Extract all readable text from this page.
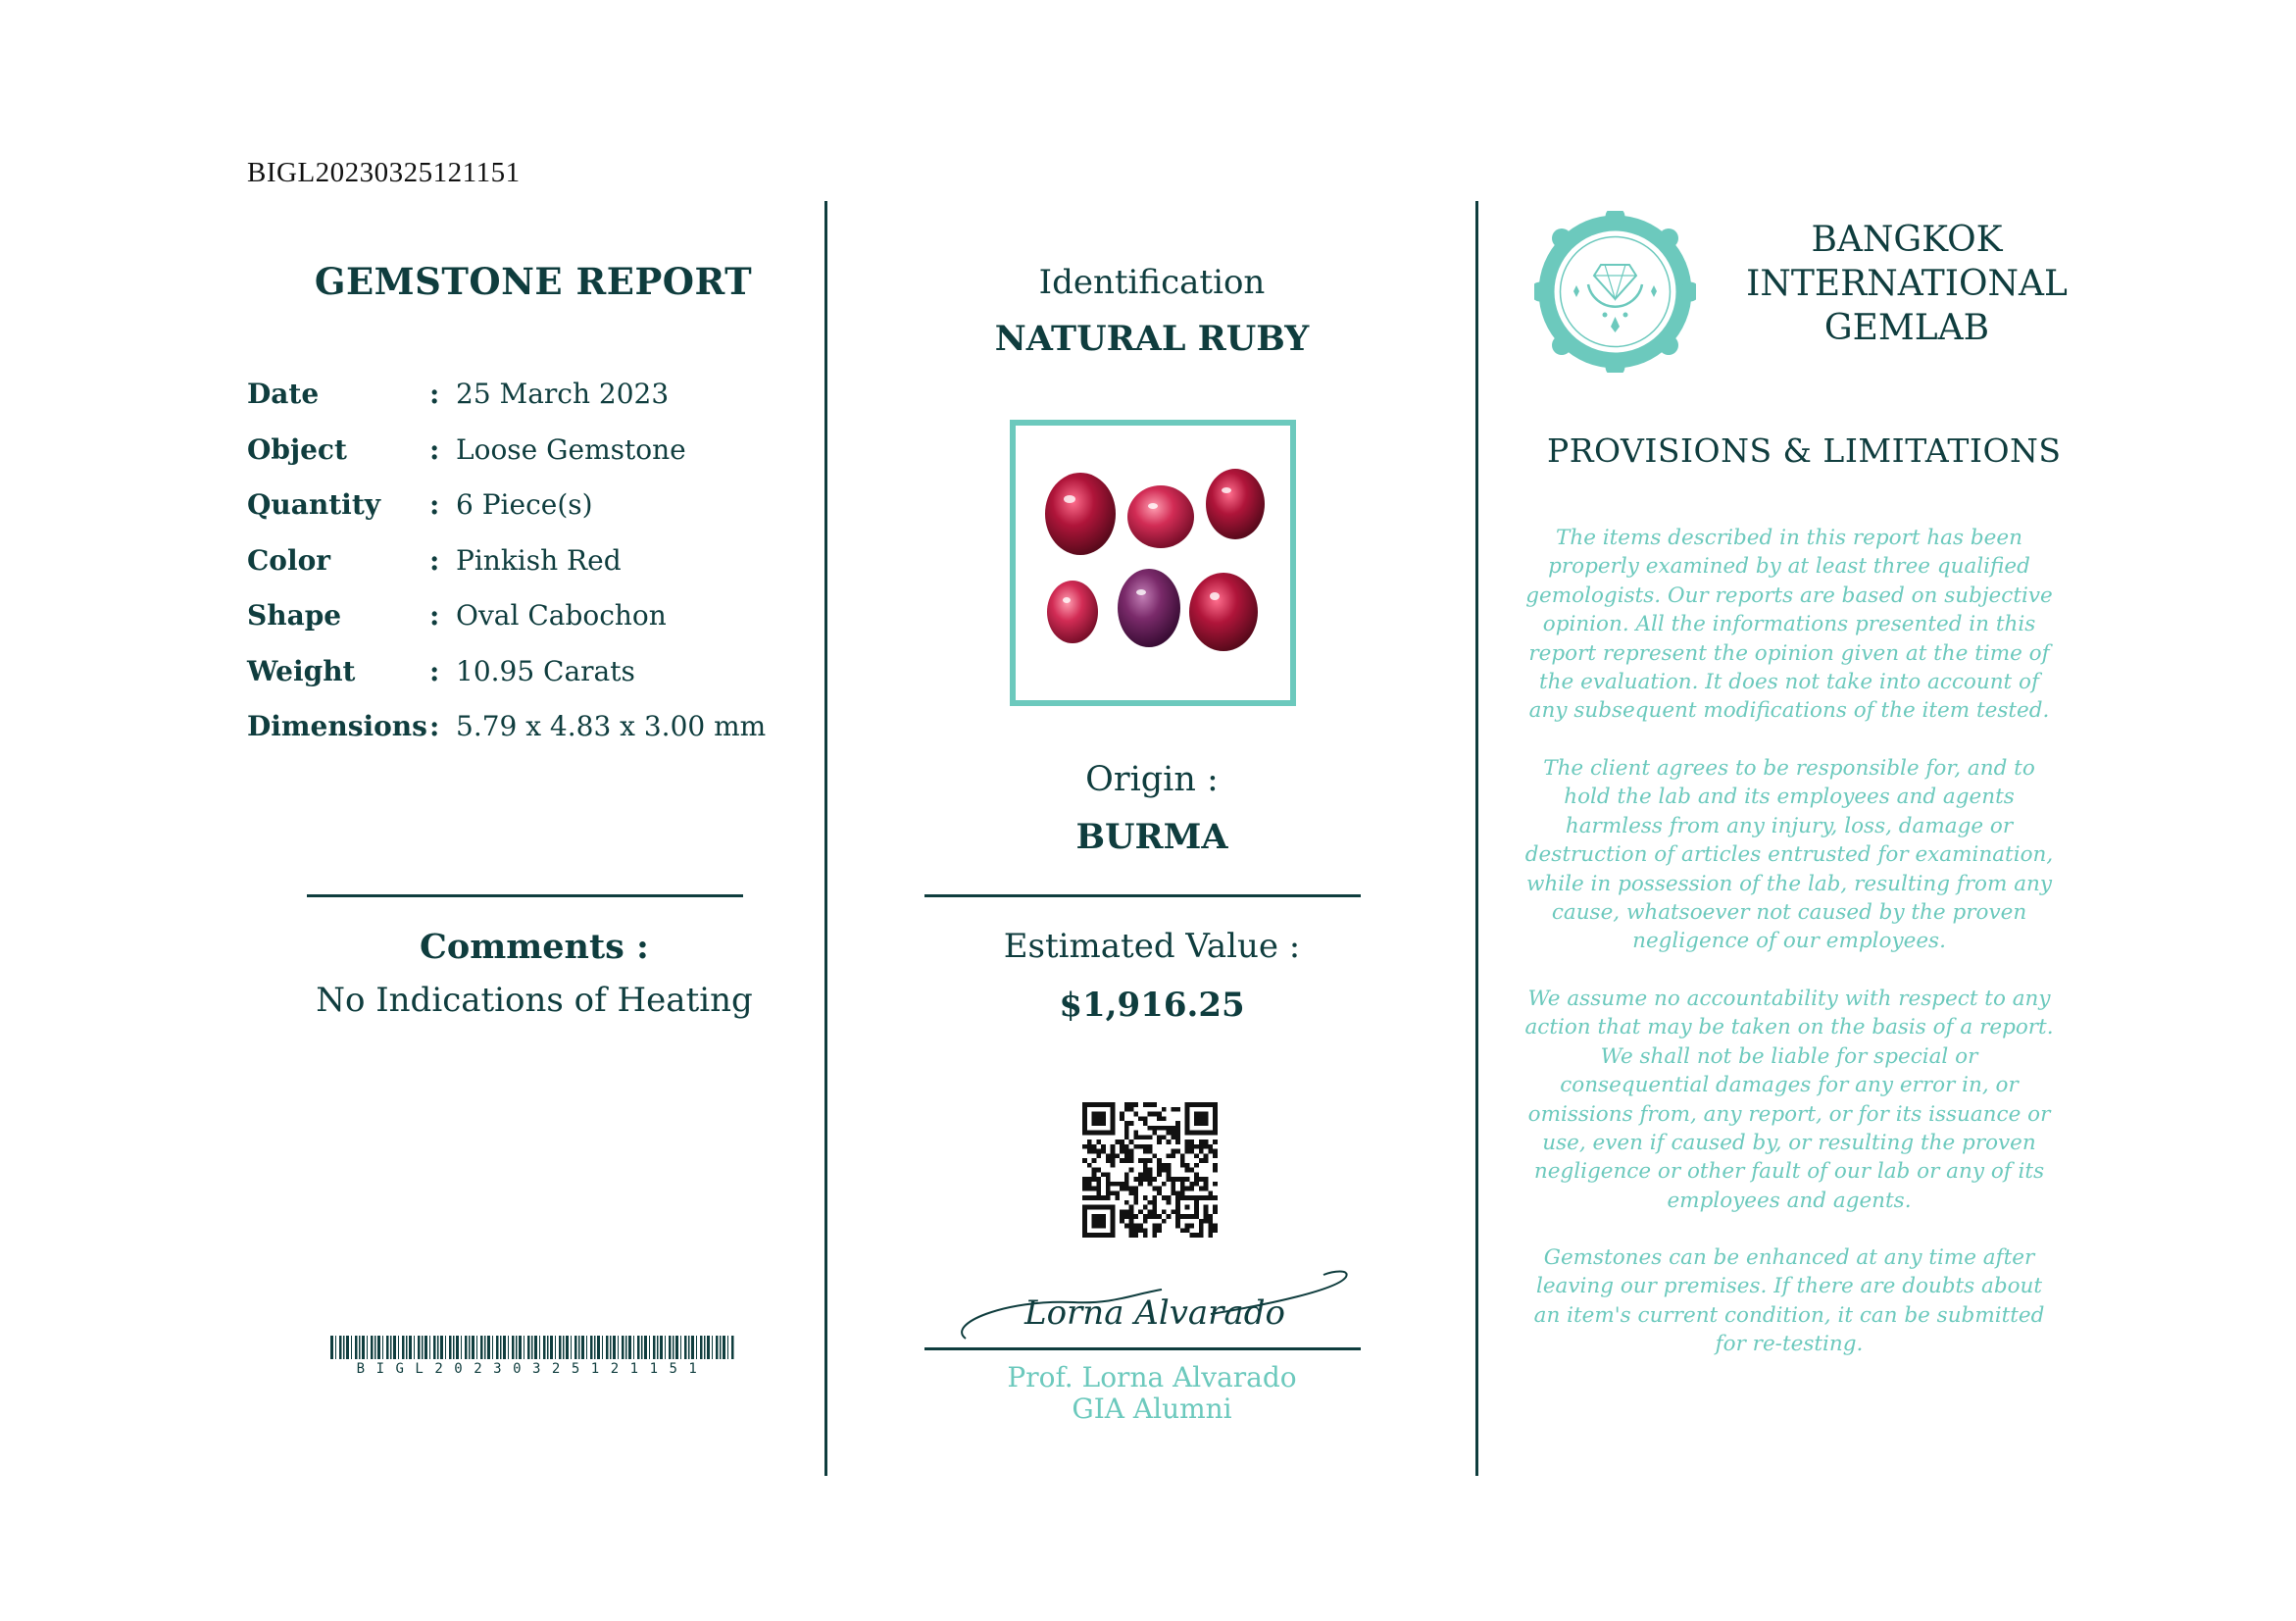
BIGL20230325121151
GEMSTONE REPORT
Date	: 25 March 2023
Object	: Loose Gemstone
Quantity : 6 Piece(s)
Color	: Pinkish Red
Shape	: Oval Cabochon
Weight	: 10.95 Carats
Dimensions : 5.79 x 4.83 x 3.00 mm
Comments :
No Indications of Heating
BIGL20230325121151
Identification
NATURAL RUBY
Origin :
BURMA
Estimated Value :
$1,916.25
Lorna Alvarado
Prof. Lorna Alvarado
GIA Alumni
BANGKOK
INTERNATIONAL
GEMLAB
PROVISIONS & LIMITATIONS
The items described in this report has been properly examined by at least three qualified gemologists. Our reports are based on subjective opinion. All the informations presented in this report represent the opinion given at the time of the evaluation. It does not take into account of any subsequent modifications of the item tested.
The client agrees to be responsible for, and to hold the lab and its employees and agents harmless from any injury, loss, damage or destruction of articles entrusted for examination, while in possession of the lab, resulting from any cause, whatsoever not caused by the proven negligence of our employees.
We assume no accountability with respect to any action that may be taken on the basis of a report. We shall not be liable for special or consequential damages for any error in, or omissions from, any report, or for its issuance or use, even if caused by, or resulting the proven negligence or other fault of our lab or any of its employees and agents.
Gemstones can be enhanced at any time after leaving our premises. If there are doubts about an item's current condition, it can be submitted for re-testing.
